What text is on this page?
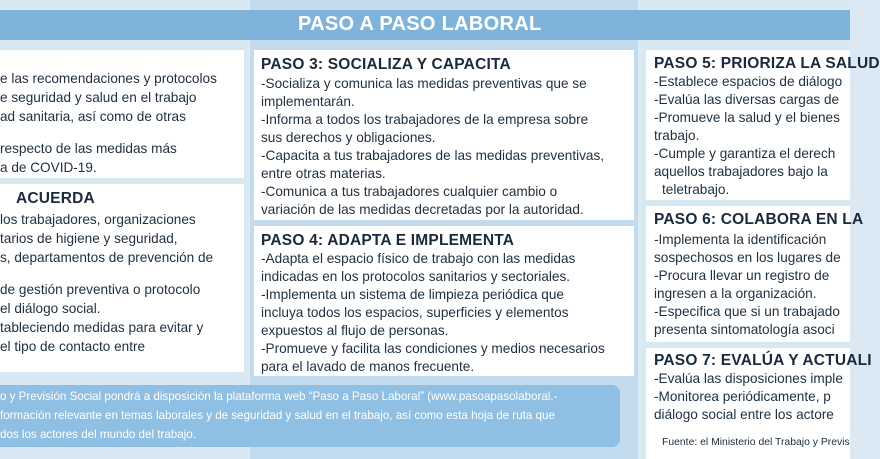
PASO A PASO LABORAL
e las recomendaciones y protocolos
e seguridad y salud en el trabajo
ad sanitaria, así como de otras
respecto de las medidas más
a de COVID-19.
ACUERDA
los trabajadores, organizaciones
tarios de higiene y seguridad,
s, departamentos de prevención de
de gestión preventiva o protocolo
el diálogo social.
tableciendo medidas para evitar y
el tipo de contacto entre
PASO 3: SOCIALIZA Y CAPACITA
-Socializa y comunica las medidas preventivas que se
implementarán.
-Informa a todos los trabajadores de la empresa sobre
sus derechos y obligaciones.
-Capacita a tus trabajadores de las medidas preventivas,
entre otras materias.
-Comunica a tus trabajadores cualquier cambio o
variación de las medidas decretadas por la autoridad.
PASO 4: ADAPTA E IMPLEMENTA
-Adapta el espacio físico de trabajo con las medidas
indicadas en los protocolos sanitarios y sectoriales.
-Implementa un sistema de limpieza periódica que
incluya todos los espacios, superficies y elementos
expuestos al flujo de personas.
-Promueve y facilita las condiciones y medios necesarios
para el lavado de manos frecuente.
o y Previsión Social pondrá a disposición la plataforma web “Paso a Paso Laboral” (www.pasoapasolaboral.-
formación relevante en temas laborales y de seguridad y salud en el trabajo, así como esta hoja de ruta que
dos los actores del mundo del trabajo.
PASO 5: PRIORIZA LA SALUD
-Establece espacios de diálogo
-Evalúa las diversas cargas de
-Promueve la salud y el bienes
trabajo.
-Cumple y garantiza el derech
aquellos trabajadores bajo la
teletrabajo.
PASO 6: COLABORA EN LA
-Implementa la identificación
sospechosos en los lugares de
-Procura llevar un registro de
ingresen a la organización.
-Especifica que si un trabajado
presenta sintomatología asoci
PASO 7: EVALÚA Y ACTUALI
-Evalúa las disposiciones imple
-Monitorea periódicamente, p
diálogo social entre los actore
Fuente: el Ministerio del Trabajo y Previs
